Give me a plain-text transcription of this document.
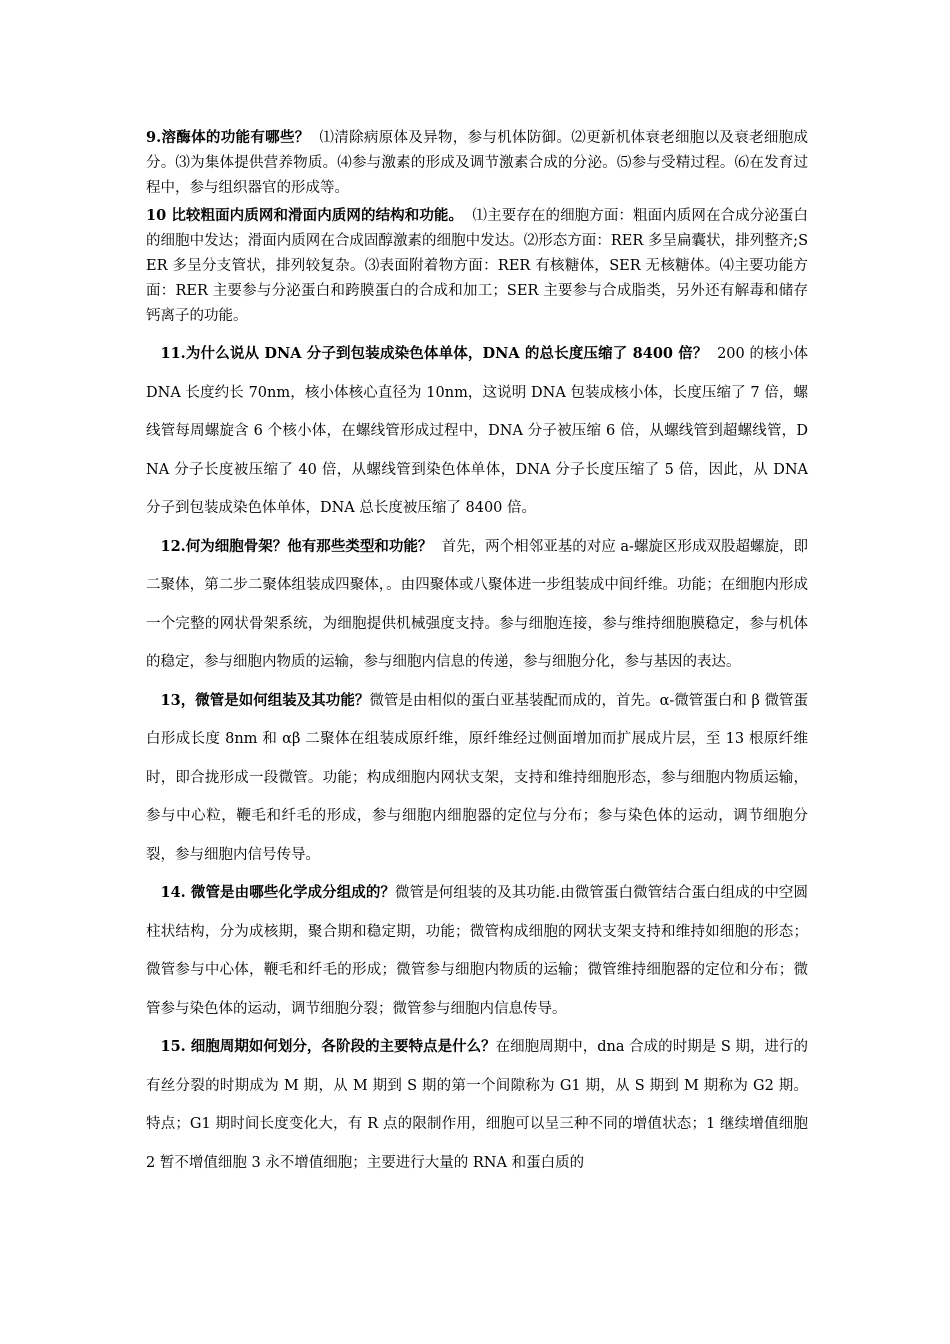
9.溶酶体的功能有哪些？ ⑴清除病原体及异物，参与机体防御。⑵更新机体衰老细胞以及衰老细胞成分。⑶为集体提供营养物质。⑷参与激素的形成及调节激素合成的分泌。⑸参与受精过程。⑹在发育过程中，参与组织器官的形成等。

10 比较粗面内质网和滑面内质网的结构和功能。 ⑴主要存在的细胞方面：粗面内质网在合成分泌蛋白的细胞中发达；滑面内质网在合成固醇激素的细胞中发达。⑵形态方面：RER 多呈扁囊状，排列整齐;SER 多呈分支管状，排列较复杂。⑶表面附着物方面：RER 有核糖体，SER 无核糖体。⑷主要功能方面：RER 主要参与分泌蛋白和跨膜蛋白的合成和加工；SER 主要参与合成脂类，另外还有解毒和储存钙离子的功能。

11.为什么说从 DNA 分子到包装成染色体单体，DNA 的总长度压缩了 8400 倍？ 200 的核小体 DNA 长度约长 70nm，核小体核心直径为 10nm，这说明 DNA 包装成核小体，长度压缩了 7 倍，螺线管每周螺旋含 6 个核小体，在螺线管形成过程中，DNA 分子被压缩 6 倍，从螺线管到超螺线管，DNA 分子长度被压缩了 40 倍，从螺线管到染色体单体，DNA 分子长度压缩了 5 倍，因此，从 DNA 分子到包装成染色体单体，DNA 总长度被压缩了 8400 倍。

12.何为细胞骨架？他有那些类型和功能？ 首先，两个相邻亚基的对应 a-螺旋区形成双股超螺旋，即二聚体，第二步二聚体组装成四聚体，。由四聚体或八聚体进一步组装成中间纤维。功能；在细胞内形成一个完整的网状骨架系统，为细胞提供机械强度支持。参与细胞连接，参与维持细胞膜稳定，参与机体的稳定，参与细胞内物质的运输，参与细胞内信息的传递，参与细胞分化，参与基因的表达。

13，微管是如何组装及其功能？微管是由相似的蛋白亚基装配而成的，首先。α-微管蛋白和 β 微管蛋白形成长度 8nm 和 αβ 二聚体在组装成原纤维，原纤维经过侧面增加而扩展成片层，至 13 根原纤维时，即合拢形成一段微管。功能；构成细胞内网状支架，支持和维持细胞形态，参与细胞内物质运输，参与中心粒，鞭毛和纤毛的形成，参与细胞内细胞器的定位与分布；参与染色体的运动，调节细胞分裂，参与细胞内信号传导。

14. 微管是由哪些化学成分组成的？微管是何组装的及其功能.由微管蛋白微管结合蛋白组成的中空圆柱状结构，分为成核期，聚合期和稳定期，功能；微管构成细胞的网状支架支持和维持如细胞的形态；微管参与中心体，鞭毛和纤毛的形成；微管参与细胞内物质的运输；微管维持细胞器的定位和分布；微管参与染色体的运动，调节细胞分裂；微管参与细胞内信息传导。

15. 细胞周期如何划分，各阶段的主要特点是什么？在细胞周期中，dna 合成的时期是 S 期，进行的有丝分裂的时期成为 M 期，从 M 期到 S 期的第一个间隙称为 G1 期，从 S 期到 M 期称为 G2 期。特点；G1 期时间长度变化大，有 R 点的限制作用，细胞可以呈三种不同的增值状态；1 继续增值细胞 2 暂不增值细胞 3 永不增值细胞；主要进行大量的 RNA 和蛋白质的
